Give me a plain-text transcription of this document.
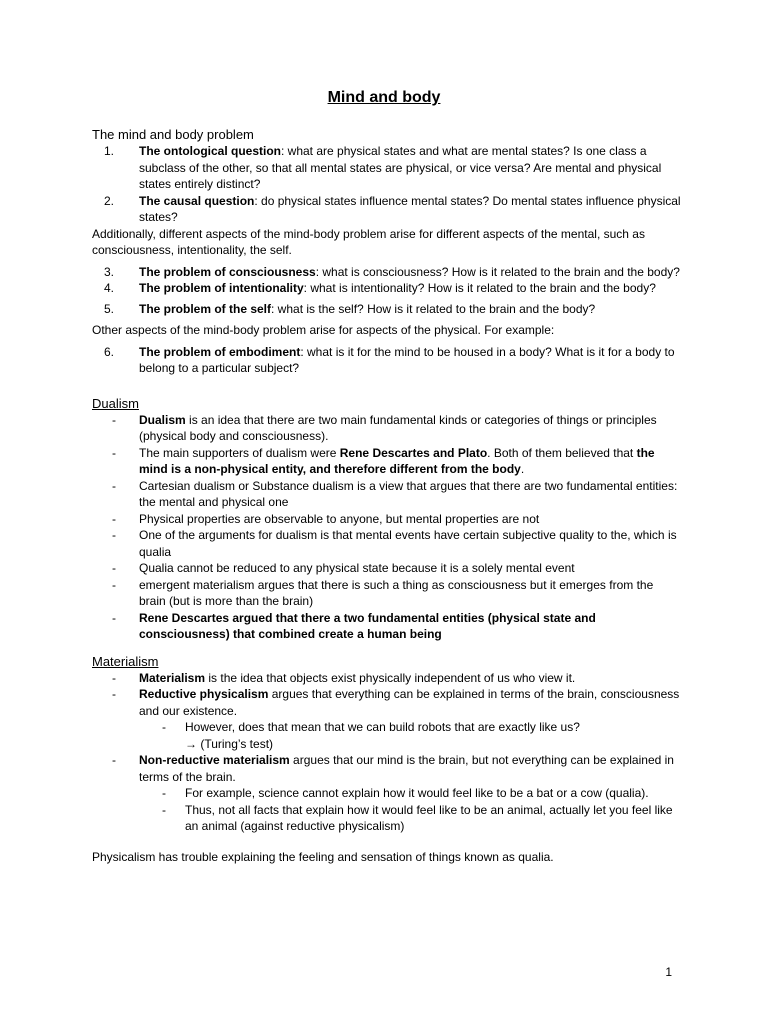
Mind and body

The mind and body problem

1.	The ontological question: what are physical states and what are mental states? Is one class a subclass of the other, so that all mental states are physical, or vice versa? Are mental and physical states entirely distinct?
2.	The causal question: do physical states influence mental states? Do mental states influence physical states?

Additionally, different aspects of the mind-body problem arise for different aspects of the mental, such as consciousness, intentionality, the self.

3.	The problem of consciousness: what is consciousness? How is it related to the brain and the body?
4.	The problem of intentionality: what is intentionality? How is it related to the brain and the body?
5.	The problem of the self: what is the self? How is it related to the brain and the body?

Other aspects of the mind-body problem arise for aspects of the physical. For example:

6.	The problem of embodiment: what is it for the mind to be housed in a body? What is it for a body to belong to a particular subject?

Dualism

- Dualism is an idea that there are two main fundamental kinds or categories of things or principles (physical body and consciousness).
- The main supporters of dualism were Rene Descartes and Plato. Both of them believed that the mind is a non-physical entity, and therefore different from the body.
- Cartesian dualism or Substance dualism is a view that argues that there are two fundamental entities: the mental and physical one
- Physical properties are observable to anyone, but mental properties are not
- One of the arguments for dualism is that mental events have certain subjective quality to the, which is qualia
- Qualia cannot be reduced to any physical state because it is a solely mental event
- emergent materialism argues that there is such a thing as consciousness but it emerges from the brain (but is more than the brain)
- Rene Descartes argued that there a two fundamental entities (physical state and consciousness) that combined create a human being

Materialism

- Materialism is the idea that objects exist physically independent of us who view it.
- Reductive physicalism argues that everything can be explained in terms of the brain, consciousness and our existence.
- However, does that mean that we can build robots that are exactly like us?
→ (Turing’s test)
- Non-reductive materialism argues that our mind is the brain, but not everything can be explained in terms of the brain.
- For example, science cannot explain how it would feel like to be a bat or a cow (qualia).
- Thus, not all facts that explain how it would feel like to be an animal, actually let you feel like an animal (against reductive physicalism)

Physicalism has trouble explaining the feeling and sensation of things known as qualia.

1
